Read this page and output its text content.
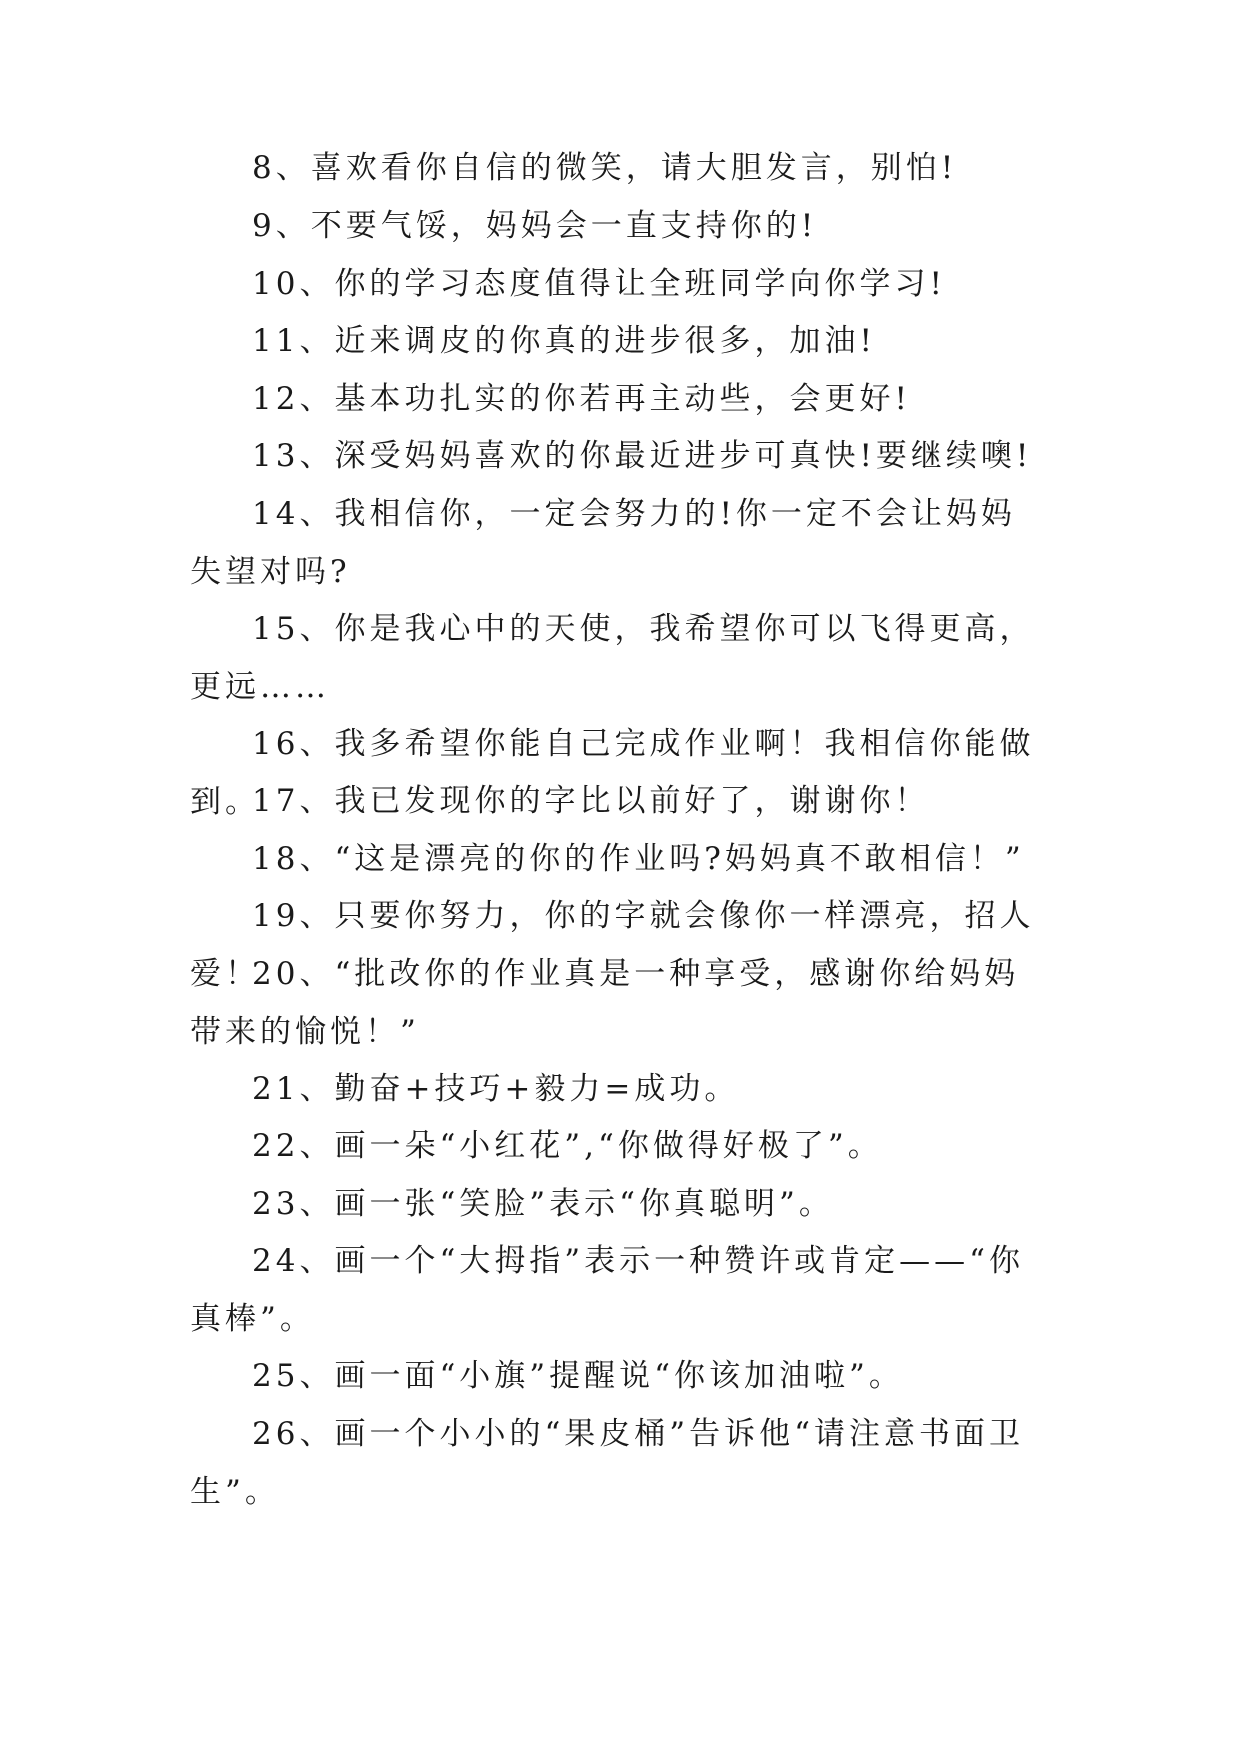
8、喜欢看你自信的微笑，请大胆发言，别怕!

9、不要气馁，妈妈会一直支持你的!

10、你的学习态度值得让全班同学向你学习!

11、近来调皮的你真的进步很多，加油!

12、基本功扎实的你若再主动些，会更好!

13、深受妈妈喜欢的你最近进步可真快!要继续噢!

14、我相信你，一定会努力的!你一定不会让妈妈失望对吗?

15、你是我心中的天使，我希望你可以飞得更高，更远……

16、我多希望你能自己完成作业啊！我相信你能做到。

17、我已发现你的字比以前好了，谢谢你！

18、“这是漂亮的你的作业吗?妈妈真不敢相信！”

19、只要你努力，你的字就会像你一样漂亮，招人爱！

20、“批改你的作业真是一种享受，感谢你给妈妈带来的愉悦！”

21、勤奋+技巧+毅力=成功。

22、画一朵“小红花”,“你做得好极了”。

23、画一张“笑脸”表示“你真聪明”。

24、画一个“大拇指”表示一种赞许或肯定——“你真棒”。

25、画一面“小旗”提醒说“你该加油啦”。

26、画一个小小的“果皮桶”告诉他“请注意书面卫生”。
